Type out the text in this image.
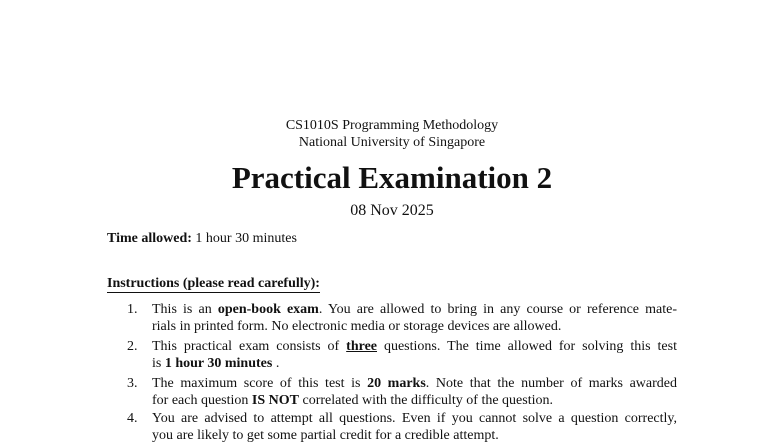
CS1010S Programming Methodology
National University of Singapore
Practical Examination 2
08 Nov 2025
Time allowed: 1 hour 30 minutes
Instructions (please read carefully):
1.	This is an open-book exam. You are allowed to bring in any course or reference mate-
rials in printed form. No electronic media or storage devices are allowed.
2.	This practical exam consists of three questions. The time allowed for solving this test
is 1 hour 30 minutes .
3.	The maximum score of this test is 20 marks. Note that the number of marks awarded
for each question IS NOT correlated with the difficulty of the question.
4.	You are advised to attempt all questions. Even if you cannot solve a question correctly,
you are likely to get some partial credit for a credible attempt.
